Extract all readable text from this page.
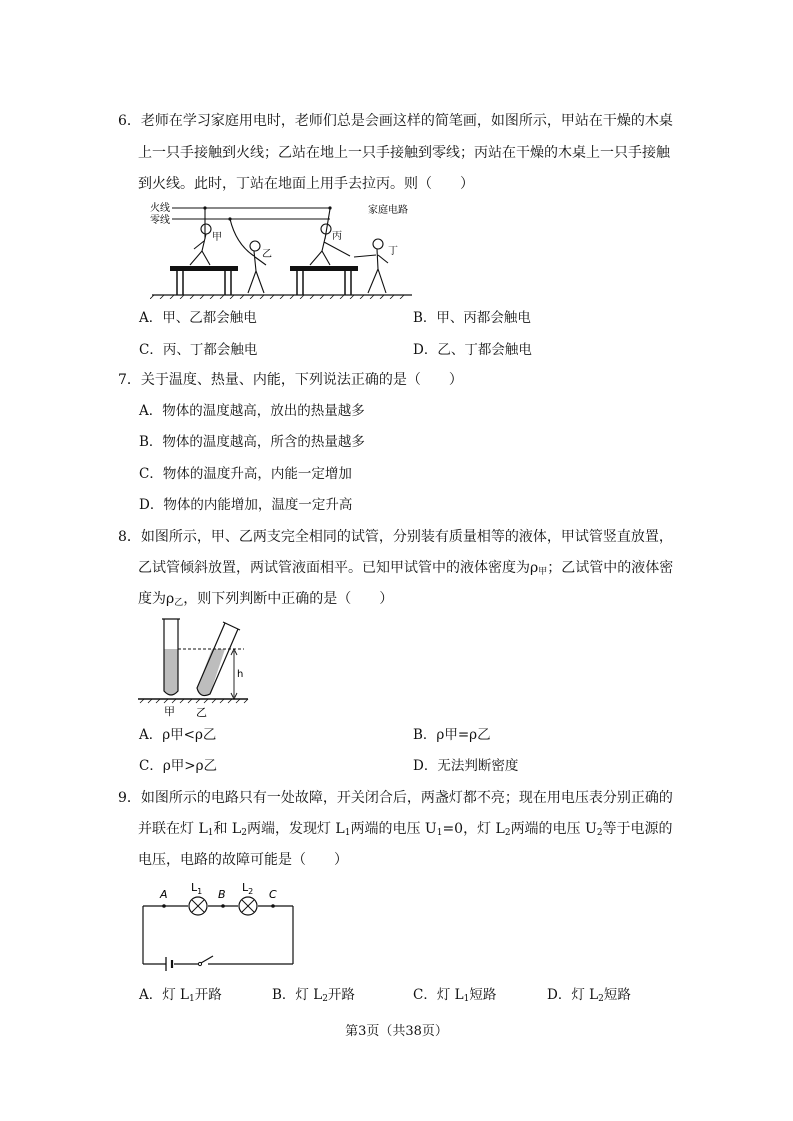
6．老师在学习家庭用电时，老师们总是会画这样的简笔画，如图所示，甲站在干燥的木桌
上一只手接触到火线；乙站在地上一只手接触到零线；丙站在干燥的木桌上一只手接触
到火线。此时，丁站在地面上用手去拉丙。则（　　）
火线
零线
家庭电路
甲
乙
丙
丁
A．甲、乙都会触电	B．甲、丙都会触电
C．丙、丁都会触电	D．乙、丁都会触电
7．关于温度、热量、内能，下列说法正确的是（　　）
A．物体的温度越高，放出的热量越多
B．物体的温度越高，所含的热量越多
C．物体的温度升高，内能一定增加
D．物体的内能增加，温度一定升高
8．如图所示，甲、乙两支完全相同的试管，分别装有质量相等的液体，甲试管竖直放置，
乙试管倾斜放置，两试管液面相平。已知甲试管中的液体密度为$\rho_甲$；乙试管中的液体密
度为$\rho_乙$，则下列判断中正确的是（　　）
h
甲 乙
A．ρ甲<ρ乙	B．ρ甲=ρ乙
C．ρ甲>ρ乙	D．无法判断密度
9．如图所示的电路只有一处故障，开关闭合后，两盏灯都不亮；现在用电压表分别正确的
并联在灯 $L_1$和 $L_2$两端，发现灯 $L_1$两端的电压 $U_1=0$，灯 $L_2$两端的电压 $U_2$等于电源的
电压，电路的故障可能是（　　）
A	B	C
$L_1$	$L_2$
A．灯 $L_1$开路	B．灯 $L_2$开路	C．灯 $L_1$短路	D．灯 $L_2$短路
第3页（共38页）
